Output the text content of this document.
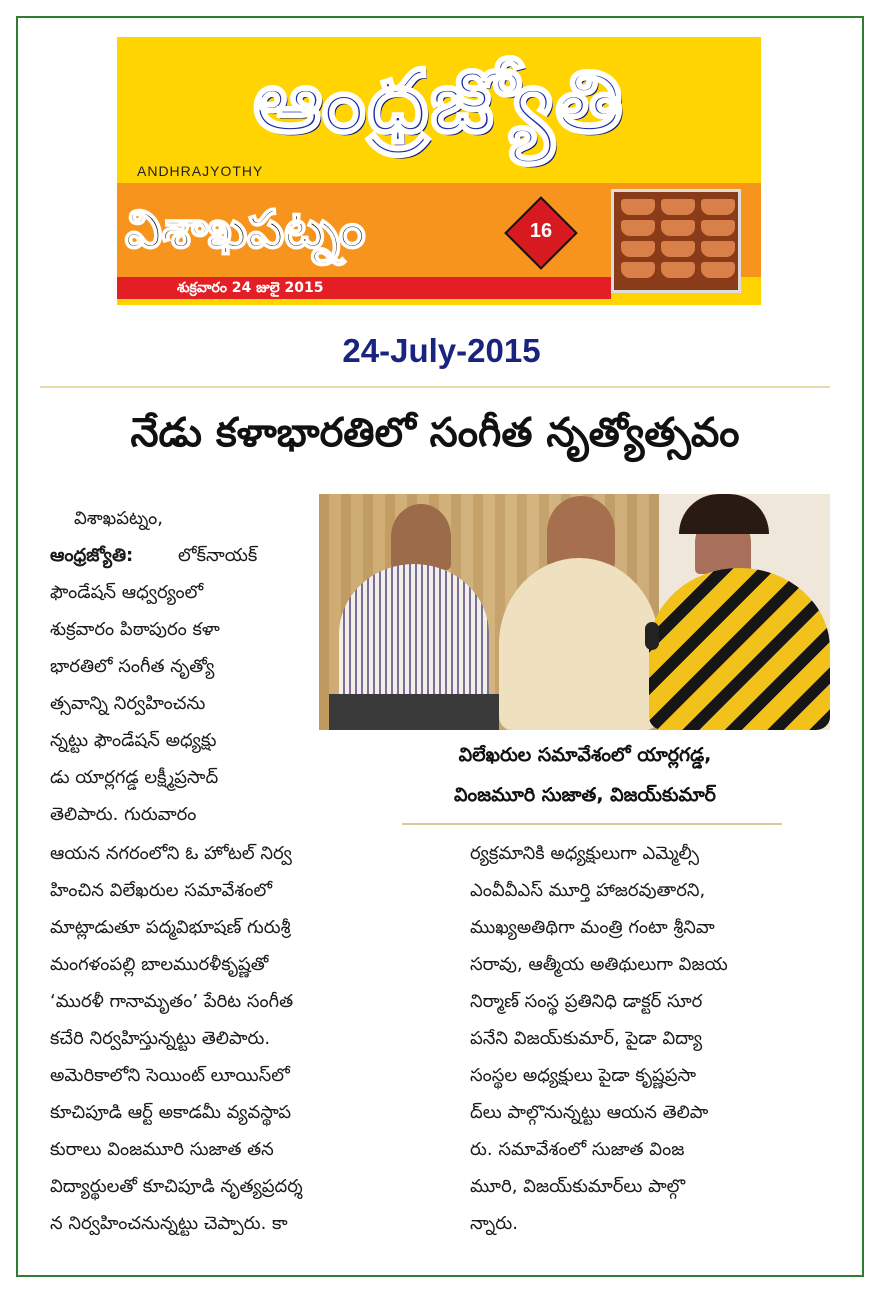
ఆంధ్రజ్యోతి
ANDHRAJYOTHY
విశాఖపట్నం	16
శుక్రవారం 24 జులై 2015
24-July-2015
నేడు కళాభారతిలో సంగీత నృత్యోత్సవం
విలేఖరుల సమావేశంలో యార్లగడ్డ,
వింజమూరి సుజాత, విజయ్‌కుమార్
విశాఖపట్నం,
ఆంధ్రజ్యోతి: లోక్‌నాయక్
ఫౌండేషన్ ఆధ్వర్యంలో
శుక్రవారం పిఠాపురం కళా
భారతిలో సంగీత నృత్యో
త్సవాన్ని నిర్వహించను
న్నట్టు ఫౌండేషన్ అధ్యక్షు
డు యార్లగడ్డ లక్ష్మీప్రసాద్
తెలిపారు. గురువారం
ఆయన నగరంలోని ఓ హోటల్ నిర్వ
హించిన విలేఖరుల సమావేశంలో
మాట్లాడుతూ పద్మవిభూషణ్ గురుశ్రీ
మంగళంపల్లి బాలమురళీకృష్ణతో
‘మురళీ గానామృతం’ పేరిట సంగీత
కచేరి నిర్వహిస్తున్నట్టు తెలిపారు.
అమెరికాలోని సెయింట్ లూయిస్‌లో
కూచిపూడి ఆర్ట్ అకాడమీ వ్యవస్థాప
కురాలు వింజమూరి సుజాత తన
విద్యార్థులతో కూచిపూడి నృత్యప్రదర్శ
న నిర్వహించనున్నట్టు చెప్పారు. కా
ర్యక్రమానికి అధ్యక్షులుగా ఎమ్మెల్సీ
ఎంవీవీఎస్ మూర్తి హాజరవుతారని,
ముఖ్యఅతిథిగా మంత్రి గంటా శ్రీనివా
సరావు, ఆత్మీయ అతిథులుగా విజయ
నిర్మాణ్ సంస్థ ప్రతినిధి డాక్టర్ సూర
పనేని విజయ్‌కుమార్, పైడా విద్యా
సంస్థల అధ్యక్షులు పైడా కృష్ణప్రసా
ద్‌లు పాల్గొనున్నట్టు ఆయన తెలిపా
రు. సమావేశంలో సుజాత వింజ
మూరి, విజయ్‌కుమార్‌లు పాల్గొ
న్నారు.
